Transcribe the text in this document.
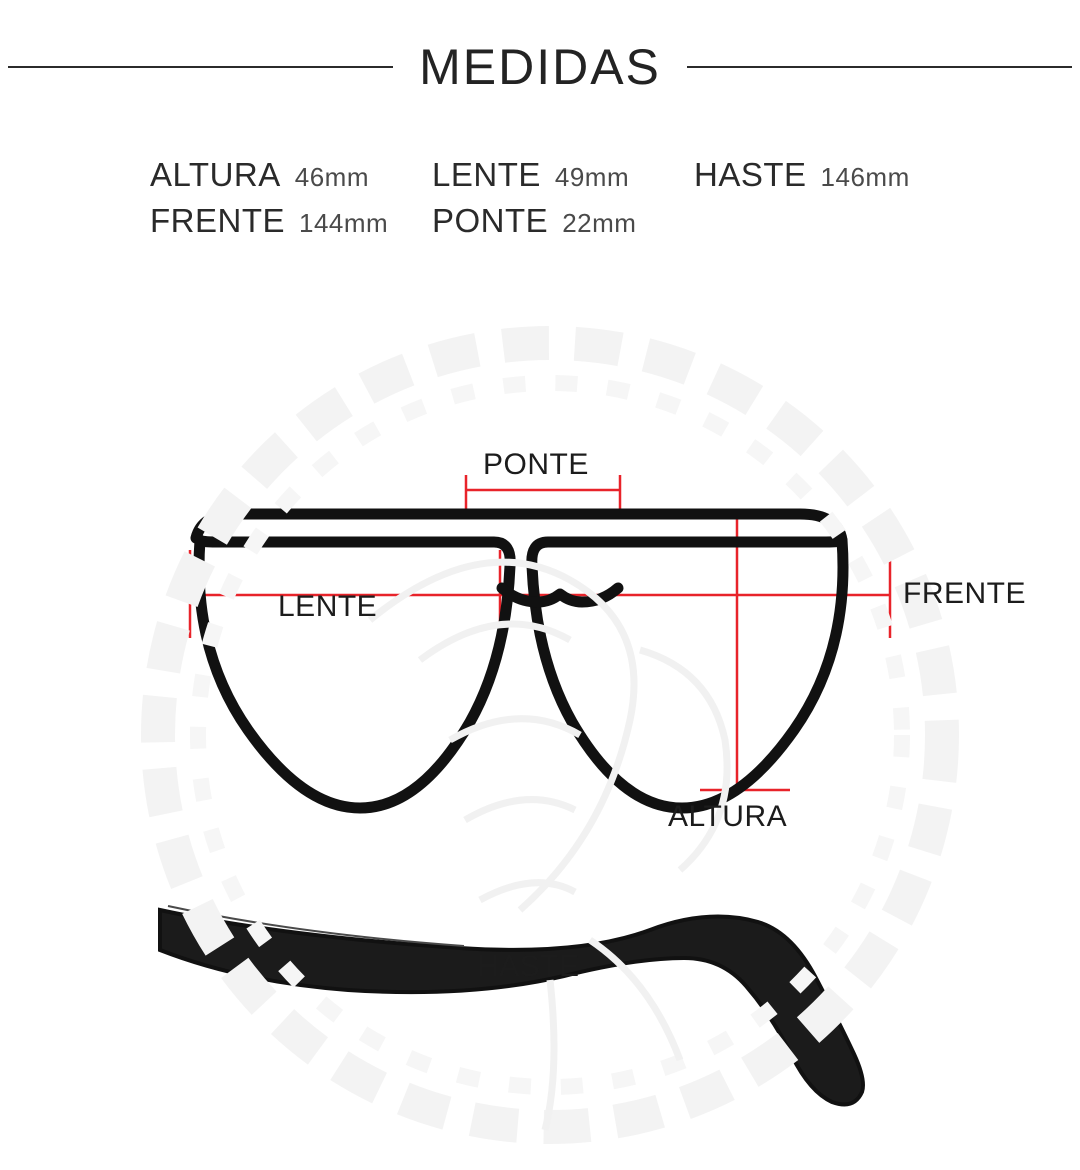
MEDIDAS
ALTURA 46mm LENTE 49mm HASTE 146mm
FRENTE 144mm PONTE 22mm
PONTE
LENTE	FRENTE
ALTURA
HASTE
